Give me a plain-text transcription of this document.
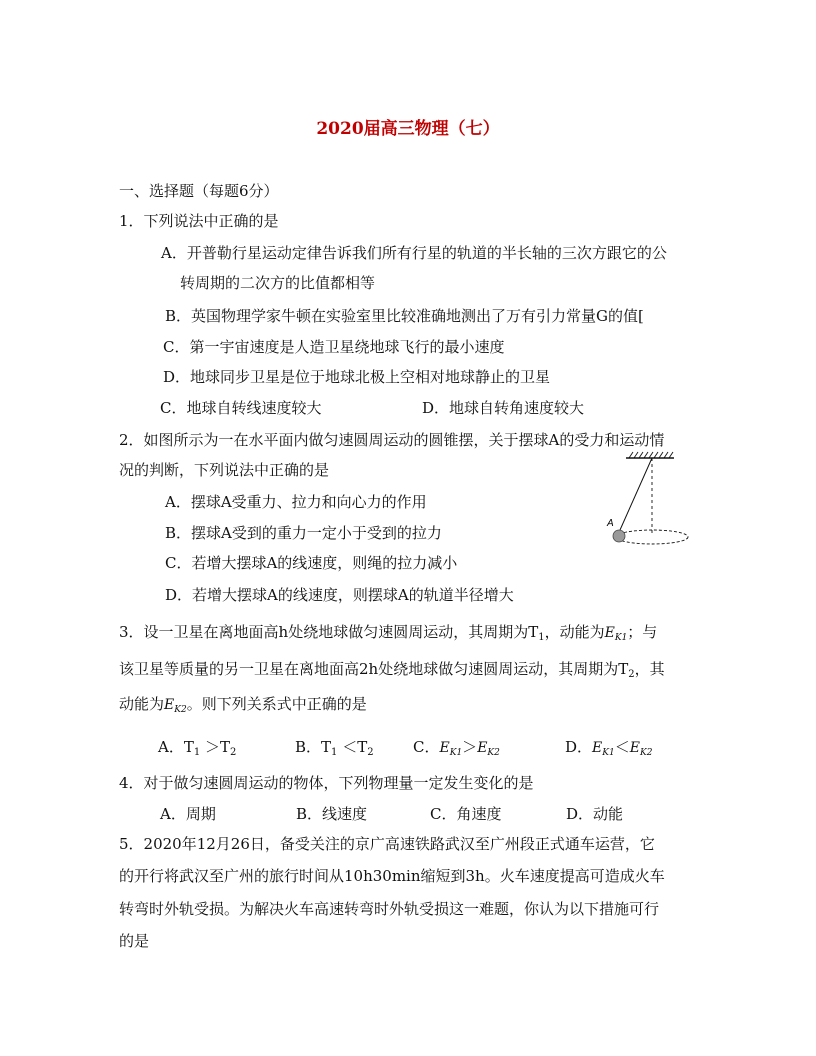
2020届高三物理（七）
一、选择题（每题6分）
1．下列说法中正确的是
A．开普勒行星运动定律告诉我们所有行星的轨道的半长轴的三次方跟它的公
转周期的二次方的比值都相等
B．英国物理学家牛顿在实验室里比较准确地测出了万有引力常量G的值[
C．第一宇宙速度是人造卫星绕地球飞行的最小速度
D．地球同步卫星是位于地球北极上空相对地球静止的卫星
C．地球自转线速度较大	D．地球自转角速度较大
2．如图所示为一在水平面内做匀速圆周运动的圆锥摆，关于摆球A的受力和运动情
况的判断，下列说法中正确的是
A．摆球A受重力、拉力和向心力的作用
B．摆球A受到的重力一定小于受到的拉力
C．若增大摆球A的线速度，则绳的拉力减小
D．若增大摆球A的线速度，则摆球A的轨道半径增大
A
3．设一卫星在离地面高h处绕地球做匀速圆周运动，其周期为$T_1$，动能为$E_{K1}$；与
该卫星等质量的另一卫星在离地面高2h处绕地球做匀速圆周运动，其周期为$T_2$，其
动能为$E_{K2}$。则下列关系式中正确的是
A．$T_1 >T_2$	B．$T_1 <T_2$	C．$E_{K1}>E_{K2}$	D．$E_{K1}<E_{K2}$
4．对于做匀速圆周运动的物体，下列物理量一定发生变化的是
A．周期	B．线速度	C．角速度	D．动能
5．2020年12月26日，备受关注的京广高速铁路武汉至广州段正式通车运营，它
的开行将武汉至广州的旅行时间从10h30min缩短到3h。火车速度提高可造成火车
转弯时外轨受损。为解决火车高速转弯时外轨受损这一难题，你认为以下措施可行
的是
